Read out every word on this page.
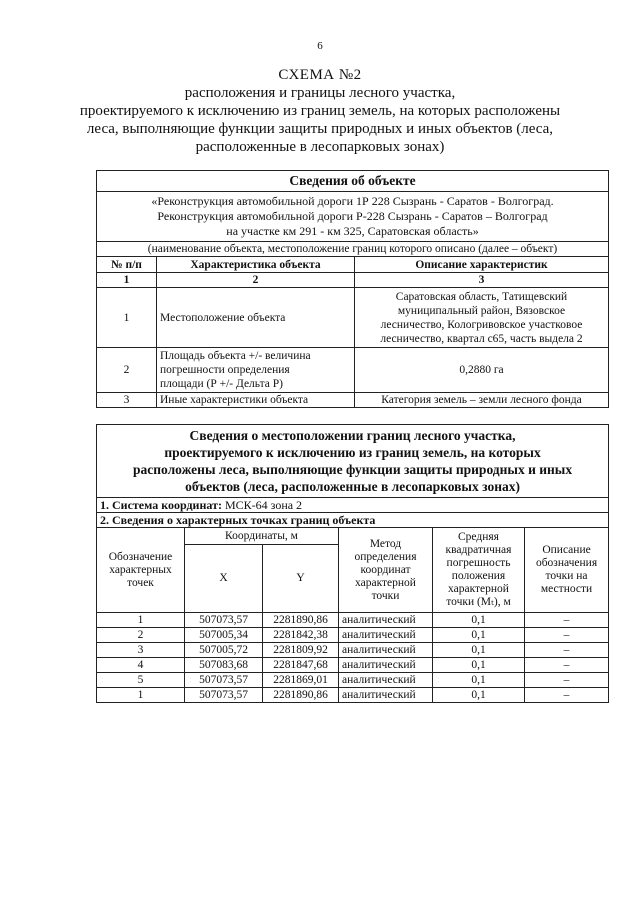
6
СХЕМА №2
расположения и границы лесного участка,
проектируемого к исключению из границ земель, на которых расположены
леса, выполняющие функции защиты природных и иных объектов (леса,
расположенные в лесопарковых зонах)
Сведения об объекте		

«Реконструкция автомобильной дороги 1Р 228 Сызрань - Саратов - Волгоград.
Реконструкция автомобильной дороги Р-228 Сызрань - Саратов – Волгоград
на участке км 291 - км 325, Саратовская область»		

(наименование объекта, местоположение границ которого описано (далее – объект)		
№ п/п	Характеристика объекта	Описание характеристик
1	2	3
1	Местоположение объекта	Саратовская область, Татищевский
муниципальный район, Вязовское
лесничество, Кологривовское участковое
лесничество, квартал с65, часть выдела 2

2	Площадь объекта +/- величина
погрешности определения
площади (Р +/- Дельта Р)	0,2880 га
3	Иные характеристики объекта	Категория земель – земли лесного фонда
Сведения о местоположении границ лесного участка,
проектируемого к исключению из границ земель, на которых
расположены леса, выполняющие функции защиты природных и иных
объектов (леса, расположенные в лесопарковых зонах)					

1. Система координат: МСК-64 зона 2					
2. Сведения о характерных точках границ объекта					
Обозначение характерных точек	Координаты, м		Метод определения координат характерной точки	Средняя квадратичная погрешность положения характерной точки (Mₜ), м	Описание обозначения точки на местности
	X	Y			
1	507073,57	2281890,86	аналитический	0,1	–
2	507005,34	2281842,38	аналитический	0,1	–
3	507005,72	2281809,92	аналитический	0,1	–
4	507083,68	2281847,68	аналитический	0,1	–
5	507073,57	2281869,01	аналитический	0,1	–
1	507073,57	2281890,86	аналитический	0,1	–
